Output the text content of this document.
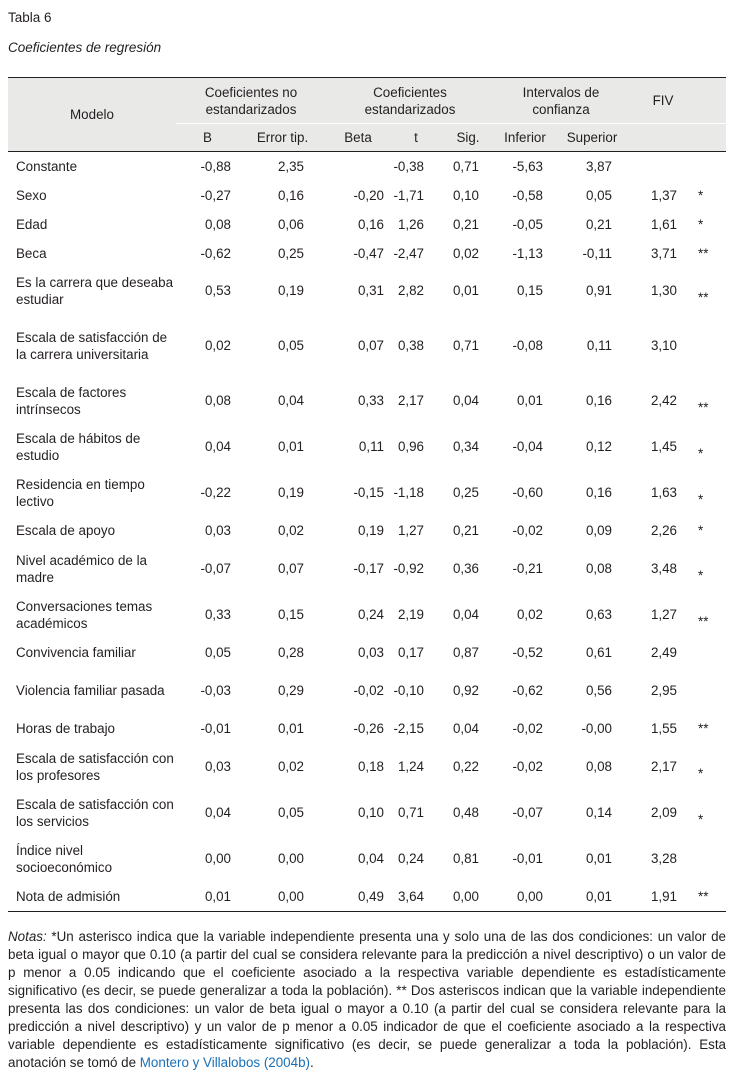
Tabla 6
Coeficientes de regresión
Modelo	Coeficientes no estandarizados		Coeficientes estandarizados			Intervalos de confianza		FIV	
	B	Error tip.	Beta	t	Sig.	Inferior	Superior		
Constante	-0,88	2,35		-0,38	0,71	-5,63	3,87		
Sexo	-0,27	0,16	-0,20	-1,71	0,10	-0,58	0,05	1,37	*
Edad	0,08	0,06	0,16	1,26	0,21	-0,05	0,21	1,61	*
Beca	-0,62	0,25	-0,47	-2,47	0,02	-1,13	-0,11	3,71	**
Es la carrera que deseaba estudiar	0,53	0,19	0,31	2,82	0,01	0,15	0,91	1,30	**
Escala de satisfacción de la carrera universitaria	0,02	0,05	0,07	0,38	0,71	-0,08	0,11	3,10	
Escala de factores intrínsecos	0,08	0,04	0,33	2,17	0,04	0,01	0,16	2,42	**
Escala de hábitos de estudio	0,04	0,01	0,11	0,96	0,34	-0,04	0,12	1,45	*
Residencia en tiempo lectivo	-0,22	0,19	-0,15	-1,18	0,25	-0,60	0,16	1,63	*
Escala de apoyo	0,03	0,02	0,19	1,27	0,21	-0,02	0,09	2,26	*
Nivel académico de la madre	-0,07	0,07	-0,17	-0,92	0,36	-0,21	0,08	3,48	*
Conversaciones temas académicos	0,33	0,15	0,24	2,19	0,04	0,02	0,63	1,27	**
Convivencia familiar	0,05	0,28	0,03	0,17	0,87	-0,52	0,61	2,49	
Violencia familiar pasada	-0,03	0,29	-0,02	-0,10	0,92	-0,62	0,56	2,95	
Horas de trabajo	-0,01	0,01	-0,26	-2,15	0,04	-0,02	-0,00	1,55	**
Escala de satisfacción con los profesores	0,03	0,02	0,18	1,24	0,22	-0,02	0,08	2,17	*
Escala de satisfacción con los servicios	0,04	0,05	0,10	0,71	0,48	-0,07	0,14	2,09	*
Índice nivel socioeconómico	0,00	0,00	0,04	0,24	0,81	-0,01	0,01	3,28	
Nota de admisión	0,01	0,00	0,49	3,64	0,00	0,00	0,01	1,91	**
Notas: *Un asterisco indica que la variable independiente presenta una y solo una de las dos condiciones: un valor de beta igual o mayor que 0.10 (a partir del cual se considera relevante para la predicción a nivel descriptivo) o un valor de p menor a 0.05 indicando que el coeficiente asociado a la respectiva variable dependiente es estadísticamente significativo (es decir, se puede generalizar a toda la población). ** Dos asteriscos indican que la variable independiente presenta las dos condiciones: un valor de beta igual o mayor a 0.10 (a partir del cual se considera relevante para la predicción a nivel descriptivo) y un valor de p menor a 0.05 indicador de que el coeficiente asociado a la respectiva variable dependiente es estadísticamente significativo (es decir, se puede generalizar a toda la población). Esta anotación se tomó de Montero y Villalobos (2004b).
